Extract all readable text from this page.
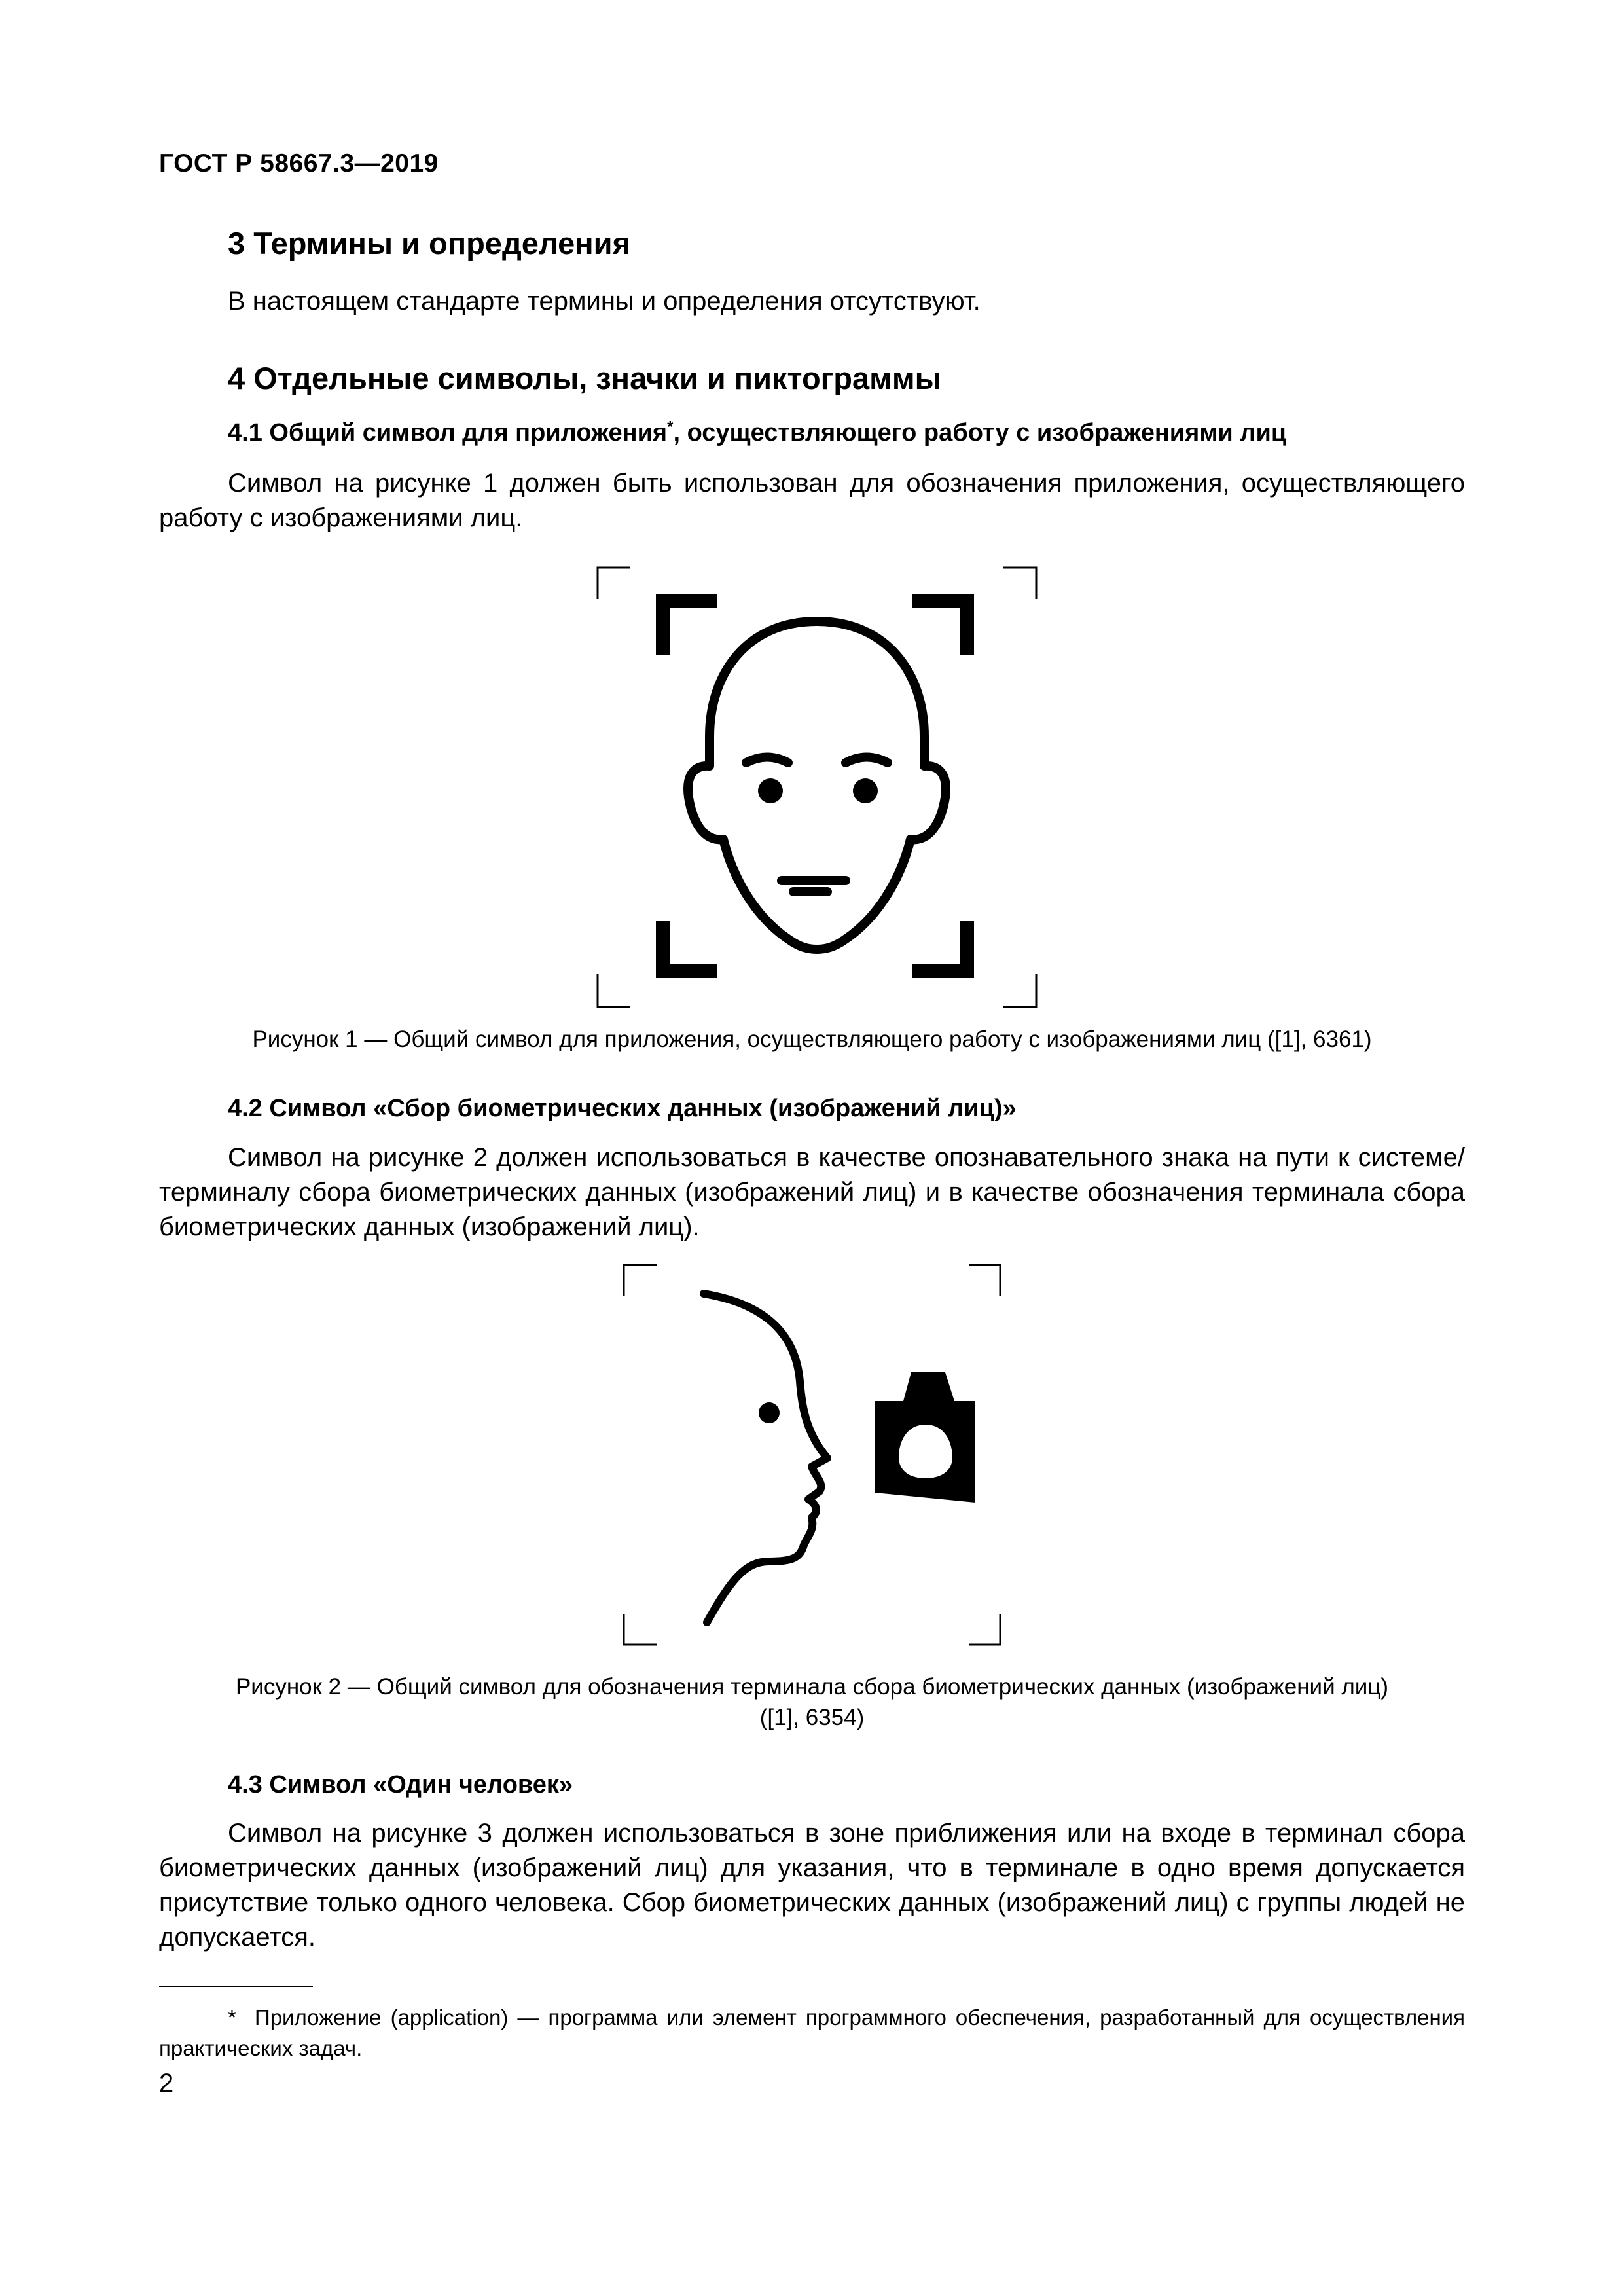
ГОСТ Р 58667.3—2019
3 Термины и определения
В настоящем стандарте термины и определения отсутствуют.
4 Отдельные символы, значки и пиктограммы
4.1 Общий символ для приложения*, осуществляющего работу с изображениями лиц
Символ на рисунке 1 должен быть использован для обозначения приложения, осуществляющего работу с изображениями лиц.
Рисунок 1 — Общий символ для приложения, осуществляющего работу с изображениями лиц ([1], 6361)
4.2 Символ «Сбор биометрических данных (изображений лиц)»
Символ на рисунке 2 должен использоваться в качестве опознавательного знака на пути к системе/терминалу сбора биометрических данных (изображений лиц) и в качестве обозначения терминала сбора биометрических данных (изображений лиц).
Рисунок 2 — Общий символ для обозначения терминала сбора биометрических данных (изображений лиц)
([1], 6354)
4.3 Символ «Один человек»
Символ на рисунке 3 должен использоваться в зоне приближения или на входе в терминал сбора биометрических данных (изображений лиц) для указания, что в терминале в одно время допускается присутствие только одного человека. Сбор биометрических данных (изображений лиц) с группы людей не допускается.
* Приложение (application) — программа или элемент программного обеспечения, разработанный для осуществления практических задач.
2
